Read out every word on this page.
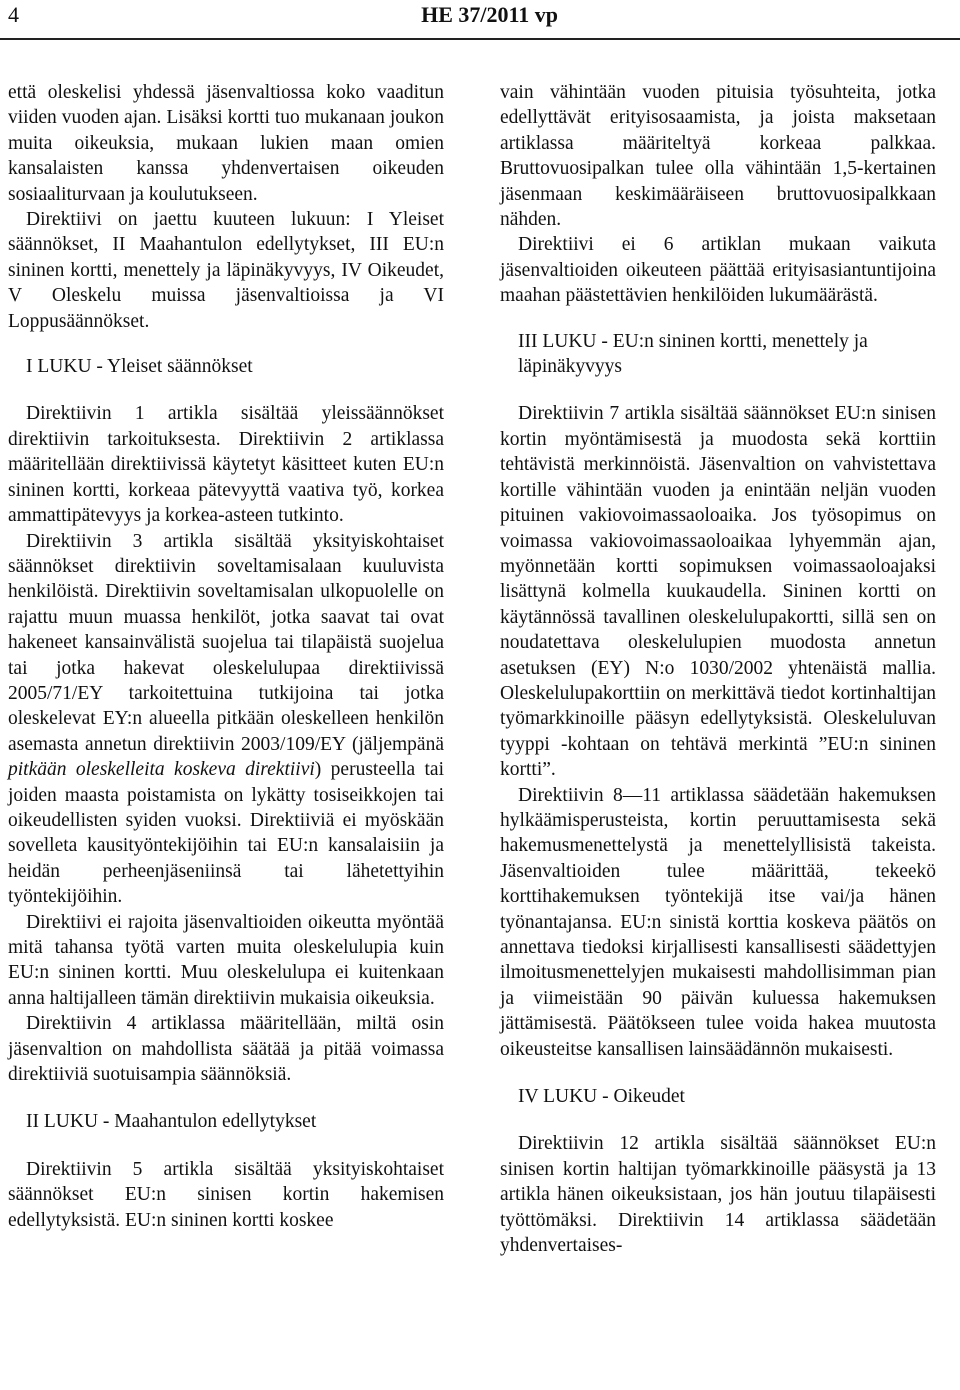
4	HE 37/2011 vp

että oleskelisi yhdessä jäsenvaltiossa koko vaaditun viiden vuoden ajan. Lisäksi kortti tuo mukanaan joukon muita oikeuksia, mukaan lukien maan omien kansalaisten kanssa yhdenvertaisen oikeuden sosiaaliturvaan ja koulutukseen.

Direktiivi on jaettu kuuteen lukuun: I Yleiset säännökset, II Maahantulon edellytykset, III EU:n sininen kortti, menettely ja läpinäkyvyys, IV Oikeudet, V Oleskelu muissa jäsenvaltioissa ja VI Loppusäännökset.

I LUKU - Yleiset säännökset

Direktiivin 1 artikla sisältää yleissäännökset direktiivin tarkoituksesta. Direktiivin 2 artiklassa määritellään direktiivissä käytetyt käsitteet kuten EU:n sininen kortti, korkeaa pätevyyttä vaativa työ, korkea ammattipätevyys ja korkea-asteen tutkinto.

Direktiivin 3 artikla sisältää yksityiskohtaiset säännökset direktiivin soveltamisalaan kuuluvista henkilöistä. Direktiivin soveltamisalan ulkopuolelle on rajattu muun muassa henkilöt, jotka saavat tai ovat hakeneet kansainvälistä suojelua tai tilapäistä suojelua tai jotka hakevat oleskelulupaa direktiivissä 2005/71/EY tarkoitettuina tutkijoina tai jotka oleskelevat EY:n alueella pitkään oleskelleen henkilön asemasta annetun direktiivin 2003/109/EY (jäljempänä pitkään oleskelleita koskeva direktiivi) perusteella tai joiden maasta poistamista on lykätty tosiseikkojen tai oikeudellisten syiden vuoksi. Direktiiviä ei myöskään sovelleta kausityöntekijöihin tai EU:n kansalaisiin ja heidän perheenjäseniinsä tai lähetettyihin työntekijöihin.

Direktiivi ei rajoita jäsenvaltioiden oikeutta myöntää mitä tahansa työtä varten muita oleskelulupia kuin EU:n sininen kortti. Muu oleskelulupa ei kuitenkaan anna haltijalleen tämän direktiivin mukaisia oikeuksia.

Direktiivin 4 artiklassa määritellään, miltä osin jäsenvaltion on mahdollista säätää ja pitää voimassa direktiiviä suotuisampia säännöksiä.

II LUKU - Maahantulon edellytykset

Direktiivin 5 artikla sisältää yksityiskohtaiset säännökset EU:n sinisen kortin hakemisen edellytyksistä. EU:n sininen kortti koskee

vain vähintään vuoden pituisia työsuhteita, jotka edellyttävät erityisosaamista, ja joista maksetaan artiklassa määriteltyä korkeaa palkkaa. Bruttovuosipalkan tulee olla vähintään 1,5-kertainen jäsenmaan keskimääräiseen bruttovuosipalkkaan nähden.

Direktiivi ei 6 artiklan mukaan vaikuta jäsenvaltioiden oikeuteen päättää erityisasiantuntijoina maahan päästettävien henkilöiden lukumäärästä.

III LUKU - EU:n sininen kortti, menettely ja läpinäkyvyys

Direktiivin 7 artikla sisältää säännökset EU:n sinisen kortin myöntämisestä ja muodosta sekä korttiin tehtävistä merkinnöistä. Jäsenvaltion on vahvistettava kortille vähintään vuoden ja enintään neljän vuoden pituinen vakiovoimassaoloaika. Jos työsopimus on voimassa vakiovoimassaoloaikaa lyhyemmän ajan, myönnetään kortti sopimuksen voimassaoloajaksi lisättynä kolmella kuukaudella. Sininen kortti on käytännössä tavallinen oleskelulupakortti, sillä sen on noudatettava oleskelulupien muodosta annetun asetuksen (EY) N:o 1030/2002 yhtenäistä mallia. Oleskelulupakorttiin on merkittävä tiedot kortinhaltijan työmarkkinoille pääsyn edellytyksistä. Oleskeluluvan tyyppi -kohtaan on tehtävä merkintä ”EU:n sininen kortti”.

Direktiivin 8—11 artiklassa säädetään hakemuksen hylkäämisperusteista, kortin peruuttamisesta sekä hakemusmenettelystä ja menettelyllisistä takeista. Jäsenvaltioiden tulee määrittää, tekeekö korttihakemuksen työntekijä itse vai/ja hänen työnantajansa. EU:n sinistä korttia koskeva päätös on annettava tiedoksi kirjallisesti kansallisesti säädettyjen ilmoitusmenettelyjen mukaisesti mahdollisimman pian ja viimeistään 90 päivän kuluessa hakemuksen jättämisestä. Päätökseen tulee voida hakea muutosta oikeusteitse kansallisen lainsäädännön mukaisesti.

IV LUKU - Oikeudet

Direktiivin 12 artikla sisältää säännökset EU:n sinisen kortin haltijan työmarkkinoille pääsystä ja 13 artikla hänen oikeuksistaan, jos hän joutuu tilapäisesti työttömäksi. Direktiivin 14 artiklassa säädetään yhdenvertaises-
